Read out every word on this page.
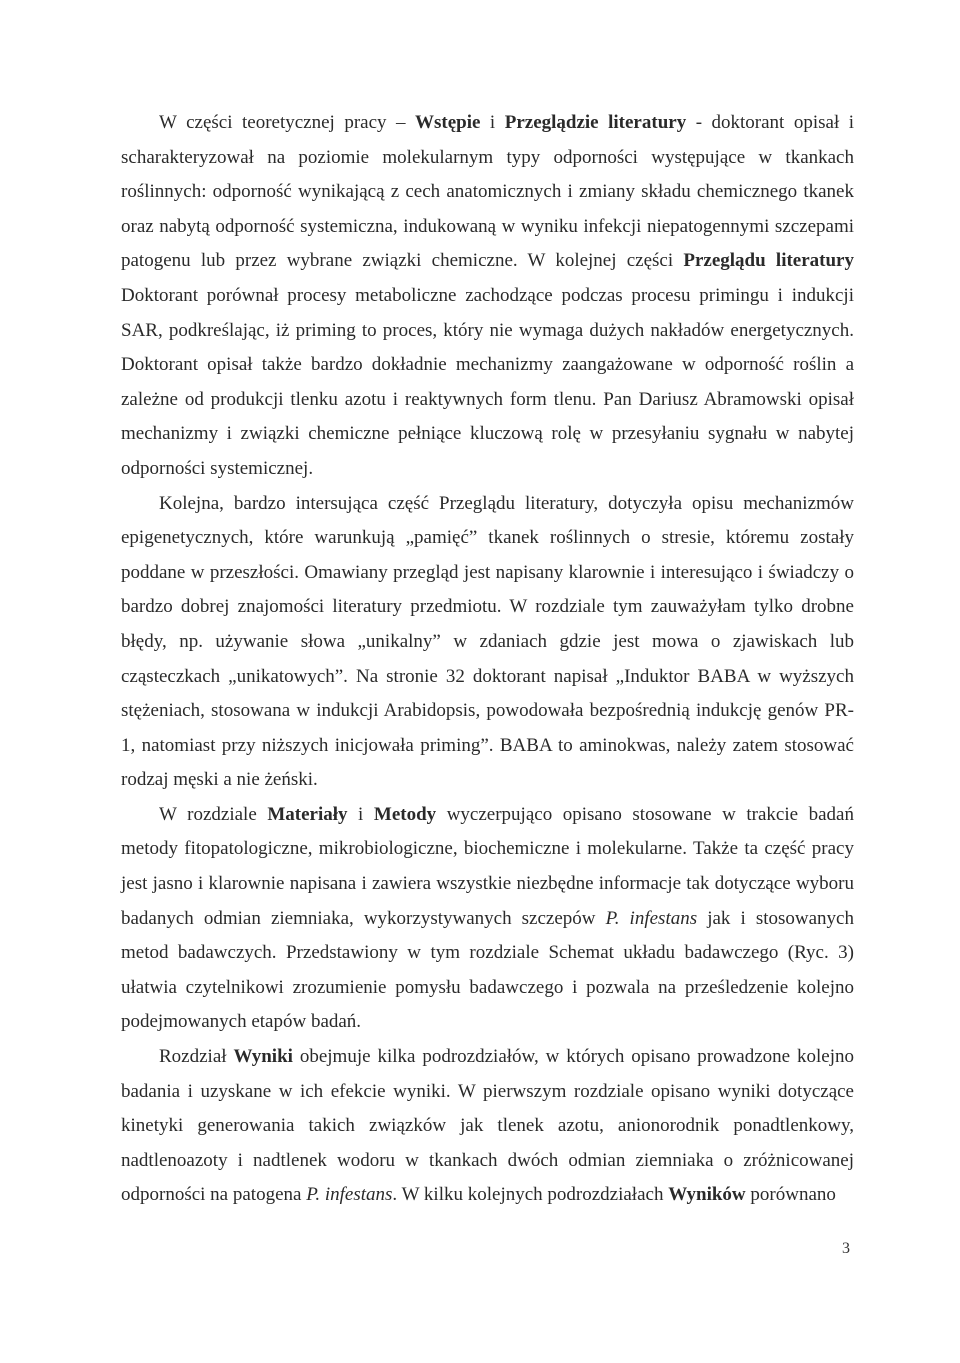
W części teoretycznej pracy – Wstępie i Przeglądzie literatury - doktorant opisał i scharakteryzował na poziomie molekularnym typy odporności występujące w tkankach roślinnych: odporność wynikającą z cech anatomicznych i zmiany składu chemicznego tkanek oraz nabytą odporność systemiczna, indukowaną w wyniku infekcji niepatogennymi szczepami patogenu lub przez wybrane związki chemiczne. W kolejnej części Przeglądu literatury Doktorant porównał procesy metaboliczne zachodzące podczas procesu primingu i indukcji SAR, podkreślając, iż priming to proces, który nie wymaga dużych nakładów energetycznych. Doktorant opisał także bardzo dokładnie mechanizmy zaangażowane w odporność roślin a zależne od produkcji tlenku azotu i reaktywnych form tlenu. Pan Dariusz Abramowski opisał mechanizmy i związki chemiczne pełniące kluczową rolę w przesyłaniu sygnału w nabytej odporności systemicznej.

Kolejna, bardzo intersująca część Przeglądu literatury, dotyczyła opisu mechanizmów epigenetycznych, które warunkują „pamięć” tkanek roślinnych o stresie, któremu zostały poddane w przeszłości. Omawiany przegląd jest napisany klarownie i interesująco i świadczy o bardzo dobrej znajomości literatury przedmiotu. W rozdziale tym zauważyłam tylko drobne błędy, np. używanie słowa „unikalny” w zdaniach gdzie jest mowa o zjawiskach lub cząsteczkach „unikatowych”. Na stronie 32 doktorant napisał „Induktor BABA w wyższych stężeniach, stosowana w indukcji Arabidopsis, powodowała bezpośrednią indukcję genów PR-1, natomiast przy niższych inicjowała priming”. BABA to aminokwas, należy zatem stosować rodzaj męski a nie żeński.

W rozdziale Materiały i Metody wyczerpująco opisano stosowane w trakcie badań metody fitopatologiczne, mikrobiologiczne, biochemiczne i molekularne. Także ta część pracy jest jasno i klarownie napisana i zawiera wszystkie niezbędne informacje tak dotyczące wyboru badanych odmian ziemniaka, wykorzystywanych szczepów P. infestans jak i stosowanych metod badawczych. Przedstawiony w tym rozdziale Schemat układu badawczego (Ryc. 3) ułatwia czytelnikowi zrozumienie pomysłu badawczego i pozwala na prześledzenie kolejno podejmowanych etapów badań.

Rozdział Wyniki obejmuje kilka podrozdziałów, w których opisano prowadzone kolejno badania i uzyskane w ich efekcie wyniki. W pierwszym rozdziale opisano wyniki dotyczące kinetyki generowania takich związków jak tlenek azotu, anionorodnik ponadtlenkowy, nadtlenoazoty i nadtlenek wodoru w tkankach dwóch odmian ziemniaka o zróżnicowanej odporności na patogena P. infestans. W kilku kolejnych podrozdziałach Wyników porównano

3
